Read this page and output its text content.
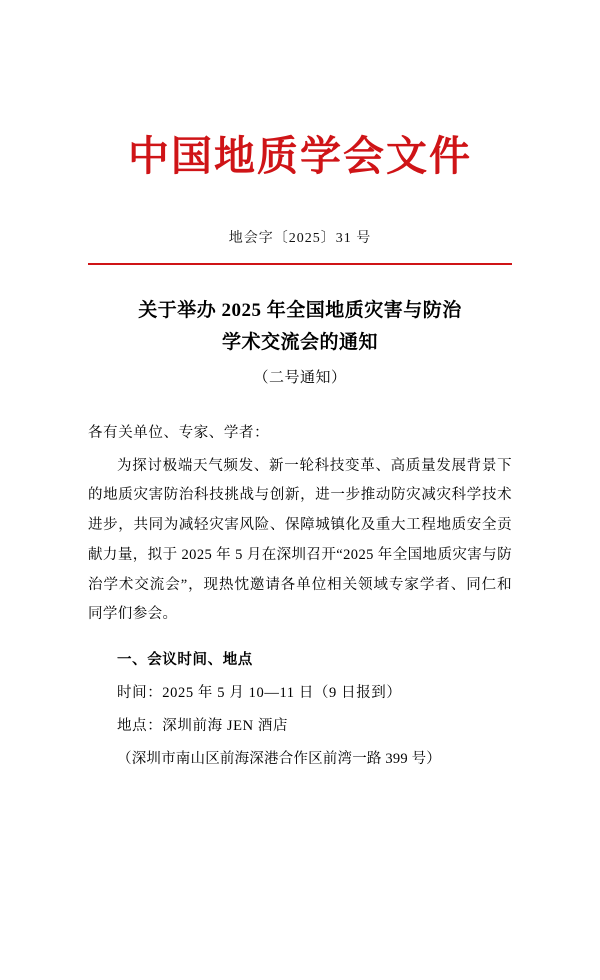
中国地质学会文件
地会字〔2025〕31 号
关于举办 2025 年全国地质灾害与防治
学术交流会的通知
（二号通知）
各有关单位、专家、学者：
为探讨极端天气频发、新一轮科技变革、高质量发展背景下的地质灾害防治科技挑战与创新，进一步推动防灾减灾科学技术进步，共同为减轻灾害风险、保障城镇化及重大工程地质安全贡献力量，拟于 2025 年 5 月在深圳召开“2025 年全国地质灾害与防治学术交流会”，现热忱邀请各单位相关领域专家学者、同仁和同学们参会。
一、会议时间、地点
时间：2025 年 5 月 10—11 日（9 日报到）
地点：深圳前海 JEN 酒店
（深圳市南山区前海深港合作区前湾一路 399 号）
